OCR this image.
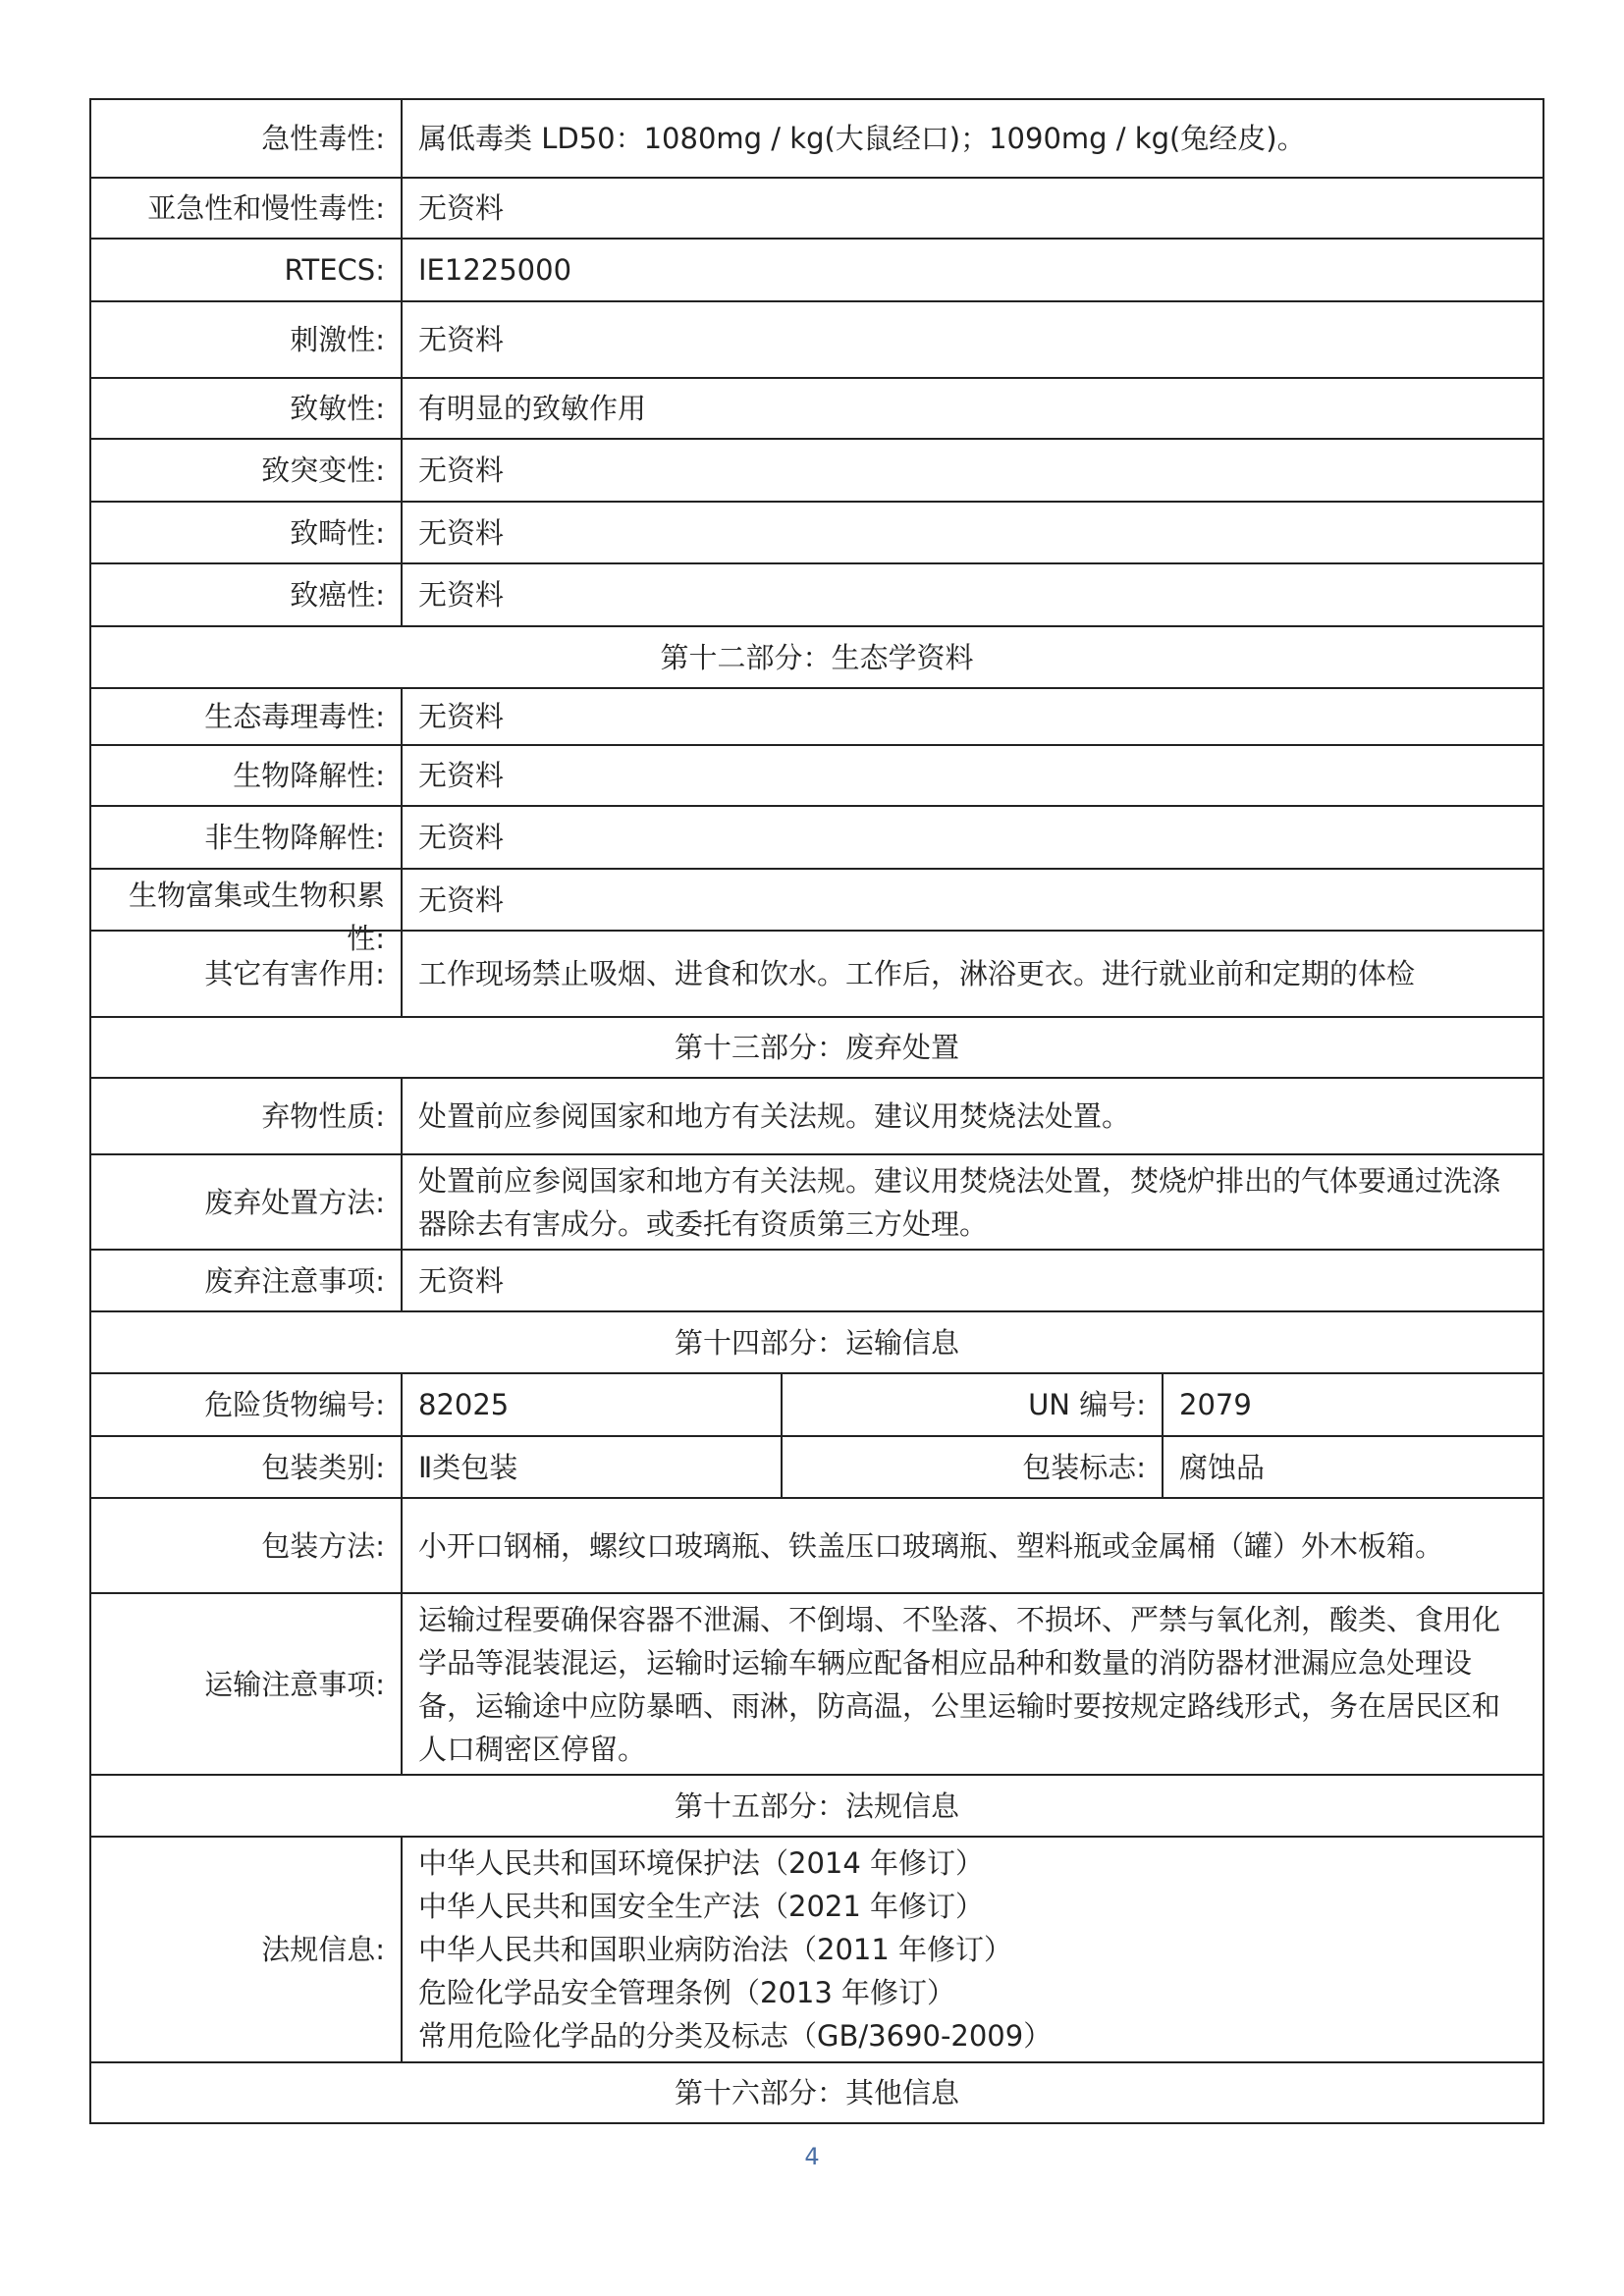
急性毒性:	属低毒类 LD50：1080mg / kg(大鼠经口)；1090mg / kg(兔经皮)。		
亚急性和慢性毒性:	无资料		
RTECS:	IE1225000		
刺激性:	无资料		
致敏性:	有明显的致敏作用		
致突变性:	无资料		
致畸性:	无资料		
致癌性:	无资料		
第十二部分：生态学资料			
生态毒理毒性:	无资料		
生物降解性:	无资料		
非生物降解性:	无资料		

生物富集或生物积累性:	无资料		
其它有害作用:	工作现场禁止吸烟、进食和饮水。工作后，淋浴更衣。进行就业前和定期的体检		
第十三部分：废弃处置			
弃物性质:	处置前应参阅国家和地方有关法规。建议用焚烧法处置。		
废弃处置方法:	处置前应参阅国家和地方有关法规。建议用焚烧法处置，焚烧炉排出的气体要通过洗涤
器除去有害成分。或委托有资质第三方处理。		

废弃注意事项:	无资料		
第十四部分：运输信息			
危险货物编号:	82025	UN 编号:	2079
包装类别:	Ⅱ类包装	包装标志:	腐蚀品
包装方法:	小开口钢桶，螺纹口玻璃瓶、铁盖压口玻璃瓶、塑料瓶或金属桶（罐）外木板箱。		
运输注意事项:	运输过程要确保容器不泄漏、不倒塌、不坠落、不损坏、严禁与氧化剂，酸类、食用化
学品等混装混运，运输时运输车辆应配备相应品种和数量的消防器材泄漏应急处理设
备，运输途中应防暴晒、雨淋，防高温，公里运输时要按规定路线形式，务在居民区和
人口稠密区停留。		

第十五部分：法规信息			
法规信息:	中华人民共和国环境保护法（2014 年修订）
中华人民共和国安全生产法（2021 年修订）
中华人民共和国职业病防治法（2011 年修订）
危险化学品安全管理条例（2013 年修订）
常用危险化学品的分类及标志（GB/3690-2009）		

第十六部分：其他信息			
4
